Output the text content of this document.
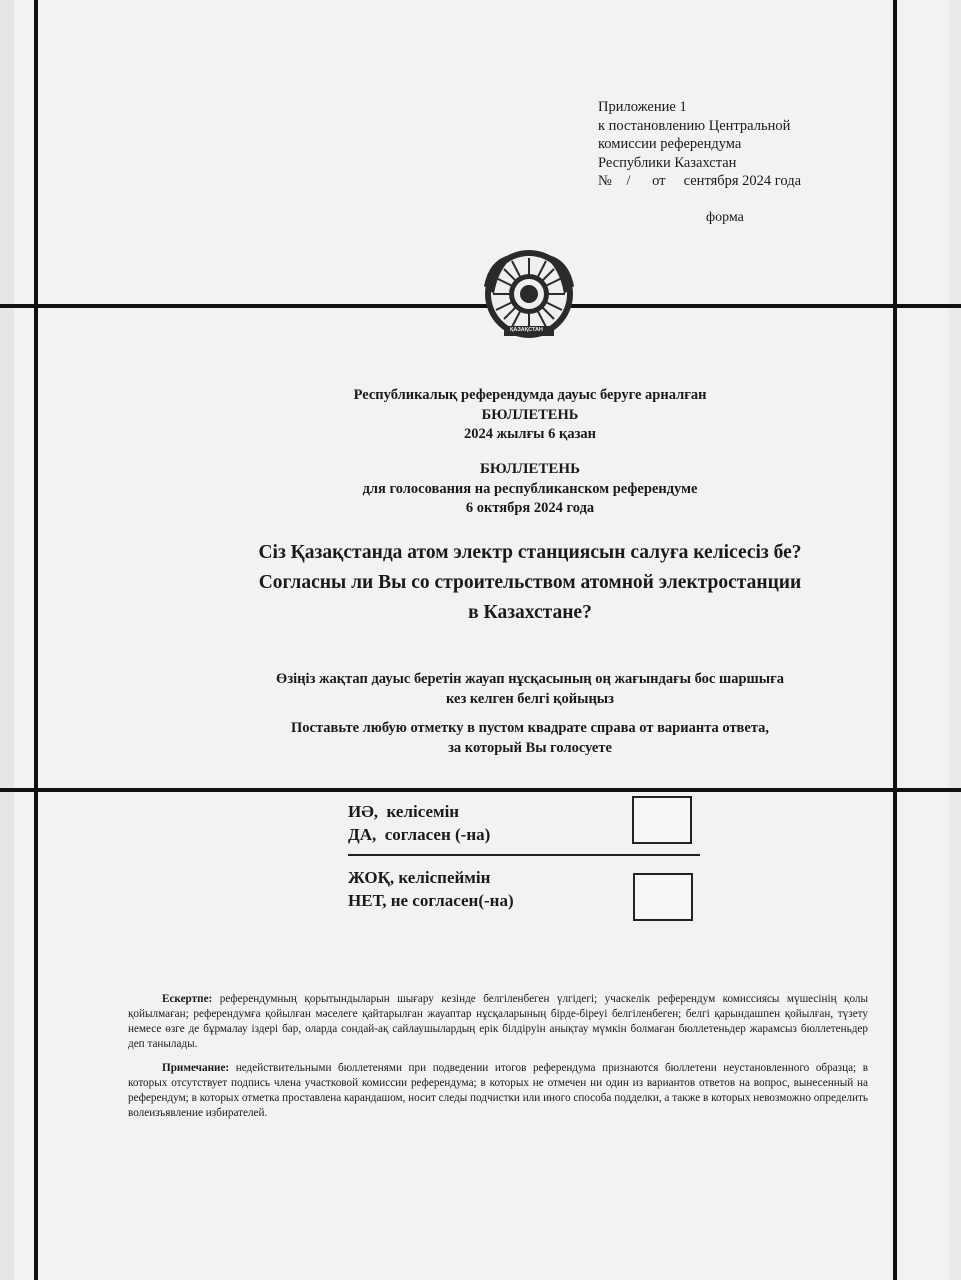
Приложение 1
к постановлению Центральной
комиссии референдума
Республики Казахстан
№    /      от     сентября 2024 года
форма
ҚАЗАҚСТАН
Республикалық референдумда дауыс беруге арналған
БЮЛЛЕТЕНЬ
2024 жылғы 6 қазан
БЮЛЛЕТЕНЬ
для голосования на республиканском референдуме
6 октября 2024 года
Сіз Қазақстанда атом электр станциясын салуға келісесіз бе?
Согласны ли Вы со строительством атомной электростанции
в Казахстане?
Өзіңіз жақтап дауыс беретін жауап нұсқасының оң жағындағы бос шаршыға
кез келген белгі қойыңыз
Поставьте любую отметку в пустом квадрате справа от варианта ответа,
за который Вы голосуете
ИӘ,  келісемін
ДА,  согласен (-на)
ЖОҚ, келіспеймін
НЕТ, не согласен(-на)
Ескертпе: референдумның қорытындыларын шығару кезінде белгіленбеген үлгідегі; учаскелік референдум комиссиясы мүшесінің қолы қойылмаған; референдумға қойылған мәселеге қайтарылған жауаптар нұсқаларының бірде-біреуі белгіленбеген; белгі қарындашпен қойылған, түзету немесе өзге де бұрмалау іздері бар, оларда сондай-ақ сайлаушылардың ерік білдіруін анықтау мүмкін болмаған бюллетеньдер жарамсыз бюллетеньдер деп танылады.
Примечание: недействительными бюллетенями при подведении итогов референдума признаются бюллетени неустановленного образца; в которых отсутствует подпись члена участковой комиссии референдума; в которых не отмечен ни один из вариантов ответов на вопрос, вынесенный на референдум; в которых отметка проставлена карандашом, носит следы подчистки или иного способа подделки, а также в которых невозможно определить волеизъявление избирателей.
